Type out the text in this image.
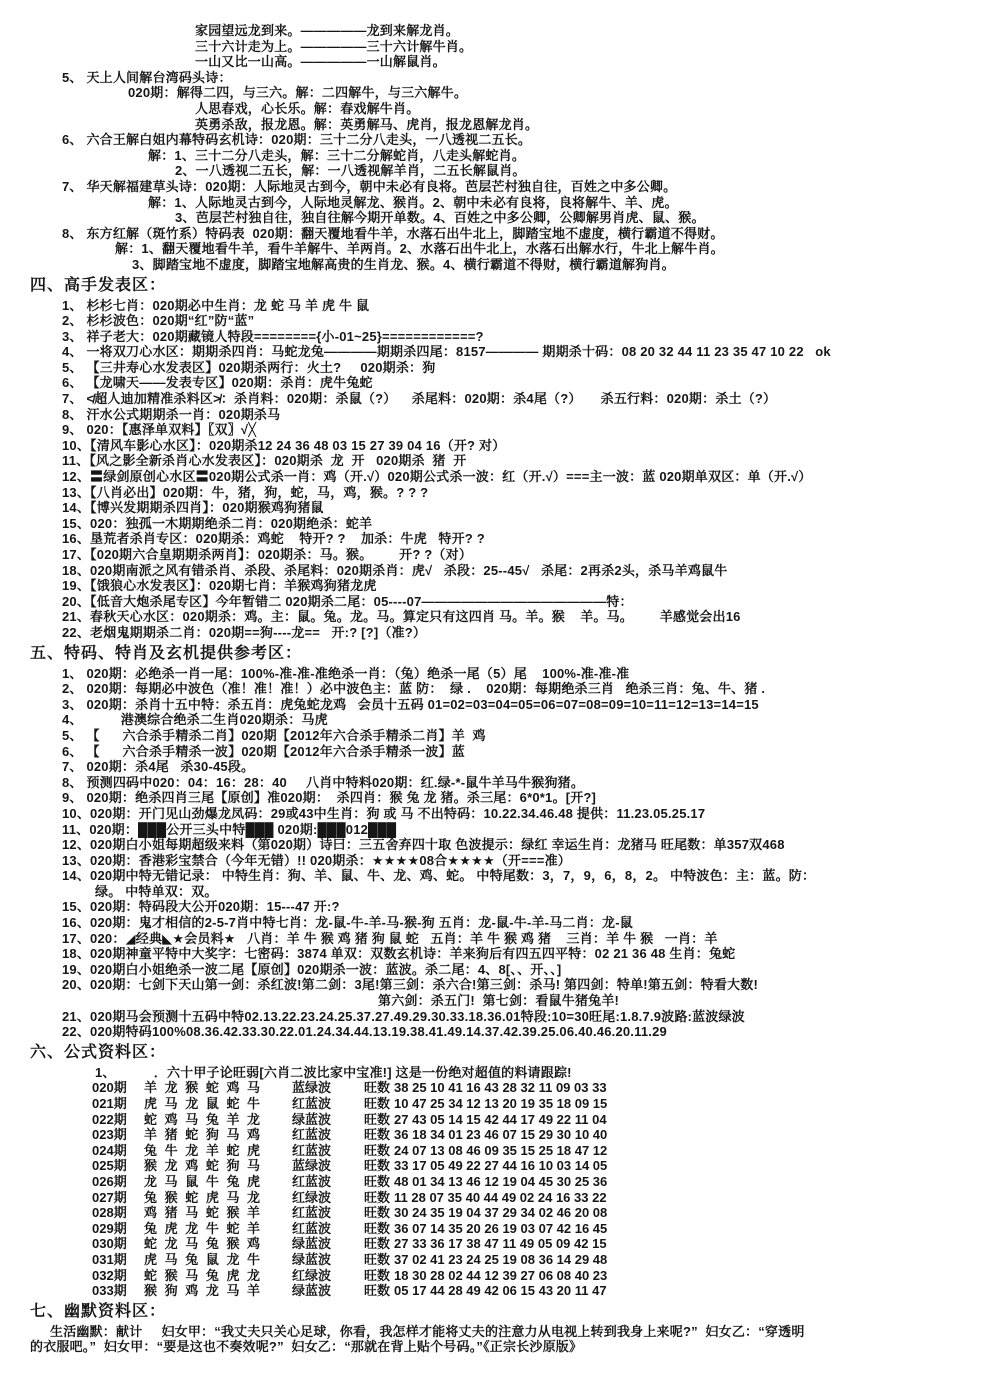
家园望远龙到来。—————龙到来解龙肖。
三十六计走为上。—————三十六计解牛肖。
一山又比一山高。—————一山解鼠肖。
5、 天上人间解台湾码头诗：
020期：解得二四，与三六。解：二四解牛，与三六解牛。
人思春戏，心长乐。解：春戏解牛肖。
英勇杀敌，报龙恩。解：英勇解马、虎肖，报龙恩解龙肖。
6、 六合王解白姐内幕特码玄机诗：020期：三十二分八走头，一八透视二五长。
解：1、三十二分八走头，解：三十二分解蛇肖，八走头解蛇肖。
2、一八透视二五长，解：一八透视解羊肖，二五长解鼠肖。
7、 华天解福建草头诗：020期：人际地灵古到今，朝中未必有良将。芭层芒村独自往，百姓之中多公卿。
解：1、人际地灵古到今，人际地灵解龙、猴肖。2、朝中未必有良将，良将解牛、羊、虎。
3、芭层芒村独自往，独自往解今期开单数。4、百姓之中多公卿，公卿解男肖虎、鼠、猴。
8、 东方红解（斑竹系）特码表  020期：翻天覆地看牛羊，水落石出牛北上，脚踏宝地不虚度，横行霸道不得财。
解：1、翻天覆地看牛羊，看牛羊解牛、羊两肖。2、水落石出牛北上，水落石出解水行，牛北上解牛肖。
3、脚踏宝地不虚度，脚踏宝地解高贵的生肖龙、猴。4、横行霸道不得财，横行霸道解狗肖。
四、高手发表区：
1、 杉杉七肖：020期必中生肖：龙 蛇 马 羊 虎 牛 鼠
2、 杉杉波色：020期“红”防“蓝”
3、 祥子老大：020期藏镜人特段========{小-01~25}============?
4、 一将双刀心水区：期期杀四肖：马蛇龙兔————期期杀四尾：8157———— 期期杀十码：08 20 32 44 11 23 35 47 10 22   ok
5、 【三井寿心水发表区】020期杀两行：火土?     020期杀：狗
6、 【龙啸天——发表专区】020期：杀肖：虎牛兔蛇
7、 ≮超人迪加精准杀料区≯：杀肖料：020期：杀鼠（?）    杀尾料：020期：杀4尾（?）     杀五行料：020期：杀土（?）
8、 汗水公式期期杀一肖：020期杀马
9、 020：【惠泽单双料】〖双〗√╳
10、【清风车影心水区】：020期杀12 24 36 48 03 15 27 39 04 16（开? 对）
11、【风之影全新杀肖心水发表区】：020期杀  龙  开   020期杀  猪  开
12、〓绿剑原创心水区〓020期公式杀一肖：鸡（开.√）020期公式杀一波：红（开.√）===主一波：蓝 020期单双区：单（开.√）
13、【八肖必出】020期：牛，猪，狗，蛇，马，鸡，猴。? ? ?
14、【博兴发期期杀四肖】：020期猴鸡狗猪鼠
15、020：独孤一木期期绝杀二肖：020期绝杀：蛇羊
16、垦荒者杀肖专区：020期杀：鸡蛇    特开? ?    加杀：牛虎   特开? ?
17、【020期六合皇期期杀两肖】：020期杀：马。猴。       开? ?（对）
18、020期南派之风有错杀肖、杀段、杀尾料：020期杀肖：虎√   杀段：25--45√   杀尾：2再杀2头，杀马羊鸡鼠牛
19、【饿狼心水发表区】：020期七肖：羊猴鸡狗猪龙虎
20、【低音大炮杀尾专区】今年暂错二 020期杀二尾：05----07——————————————特：
21、春秋天心水区：020期杀：鸡。主：鼠。兔。龙。马。算定只有这四肖 马。羊。猴    羊。马。       羊感觉会出16
22、老烟鬼期期杀二肖：020期==狗----龙==   开:? [?]（准?）
五、特码、特肖及玄机提供参考区：
1、 020期：必绝杀一肖一尾：100%-准-准-准绝杀一肖：（兔）绝杀一尾（5）尾    100%-准-准-准
2、 020期：每期必中波色（准！准！准！）必中波色主：蓝 防：  绿 .    020期：每期绝杀三肖   绝杀三肖：兔、牛、猪 .
3、 020期：杀肖十五中特：杀五肖：虎兔蛇龙鸡   会员十五码 01=02=03=04=05=06=07=08=09=10=11=12=13=14=15
4、          港澳综合绝杀二生肖020期杀：马虎
5、 【      六合杀手精杀二肖】020期【2012年六合杀手精杀二肖】羊  鸡
6、 【      六合杀手精杀一波】020期【2012年六合杀手精杀一波】蓝
7、 020期：杀4尾   杀30-45段。
8、 预测四码中020：04：16：28：40     八肖中特料020期：红.绿-*-鼠牛羊马牛猴狗猪。
9、 020期：绝杀四肖三尾【原创】准020期：  杀四肖：猴 兔 龙 猪。杀三尾：6*0*1。[开?]
10、020期：开门见山劲爆龙凤码：29或43中生肖：狗 或 马 不出特码：10.22.34.46.48 提供：11.23.05.25.17
11、020期：███公开三头中特███ 020期:███012███
12、020期白小姐每期超级来料（第020期）诗曰：三五舍弃四十取 色波提示：绿红 幸运生肖：龙猪马 旺尾数：单357双468
13、020期：香港彩宝禁合（今年无错）!! 020期杀：★★★★08合★★★★（开===准）
14、020期中特无错记录： 中特生肖：狗、羊、鼠、牛、龙、鸡、蛇。 中特尾数：3，7，9，6，8，2。 中特波色：主：蓝。防：
绿。 中特单双：双。
15、020期：特码段大公开020期：15---47 开:?
16、020期：鬼才相信的2-5-7肖中特七肖：龙-鼠-牛-羊-马-猴-狗 五肖：龙-鼠-牛-羊-马二肖：龙-鼠
17、020：◢经典◣★会员料★   八肖：羊 牛 猴 鸡 猪 狗 鼠 蛇   五肖：羊 牛 猴 鸡 猪    三肖：羊 牛 猴   一肖：羊
18、020期神童平特中大奖字：七密码：3874 单双：双数玄机诗：羊来狗后有四五四平特：02 21 36 48 生肖：兔蛇
19、020期白小姐绝杀一波二尾【原创】020期杀一波：蓝波。杀二尾：4、8[、、开、、]
20、020期：七剑下天山第一剑：杀红波!第二剑：3尾!第三剑：杀六合!第三剑：杀马! 第四剑：特单!第五剑：特看大数!
第六剑：杀五门!  第七剑：看鼠牛猪兔羊!
21、020期马会预测十五码中特02.13.22.23.24.25.37.27.49.29.30.33.18.36.01特段:10=30旺尾:1.8.7.9波路:蓝波绿波
22、020期特码100%08.36.42.33.30.22.01.24.34.44.13.19.38.41.49.14.37.42.39.25.06.40.46.20.11.29
六、公式资料区：
1、          ．六十甲子论旺弱[六肖二波比家中宝准!] 这是一份绝对超值的料请跟踪!
020期 羊 龙 猴 蛇 鸡 马 蓝绿波	旺数 38 25 10 41 16 43 28 32 11 09 03 33
021期 虎 马 龙 鼠 蛇 牛 红蓝波	旺数 10 47 25 34 12 13 20 19 35 18 09 15
022期 蛇 鸡 马 兔 羊 龙 绿蓝波	旺数 27 43 05 14 15 42 44 17 49 22 11 04
023期 羊 猪 蛇 狗 马 鸡 红蓝波	旺数 36 18 34 01 23 46 07 15 29 30 10 40
024期 兔 牛 龙 羊 蛇 虎 红蓝波	旺数 24 07 13 08 46 09 35 15 25 18 47 12
025期 猴 龙 鸡 蛇 狗 马 蓝绿波	旺数 33 17 05 49 22 27 44 16 10 03 14 05
026期 龙 马 鼠 牛 兔 虎 红蓝波	旺数 48 01 34 13 46 12 19 04 45 30 25 36
027期 兔 猴 蛇 虎 马 龙 红绿波	旺数 11 28 07 35 40 44 49 02 24 16 33 22
028期 鸡 猪 马 蛇 猴 羊 红蓝波	旺数 30 24 35 19 04 37 29 34 02 46 20 08
029期 兔 虎 龙 牛 蛇 羊 红蓝波	旺数 36 07 14 35 20 26 19 03 07 42 16 45
030期 蛇 龙 马 兔 猴 鸡 绿蓝波	旺数 27 33 36 17 38 47 11 49 05 09 42 15
031期 虎 马 兔 鼠 龙 牛 绿蓝波	旺数 37 02 41 23 24 25 19 08 36 14 29 48
032期 蛇 猴 马 兔 虎 龙 红绿波	旺数 18 30 28 02 44 12 39 27 06 08 40 23
033期 猴 狗 鸡 龙 马 羊 绿蓝波	旺数 05 17 44 28 49 42 06 15 43 20 11 47
七、幽默资料区：
生活幽默：献计     妇女甲：“我丈夫只关心足球，你看，我怎样才能将丈夫的注意力从电视上转到我身上来呢?”  妇女乙：“穿透明
的衣服吧。”  妇女甲：“要是这也不奏效呢?”  妇女乙：“那就在背上贴个号码。”《正宗长沙原版》
